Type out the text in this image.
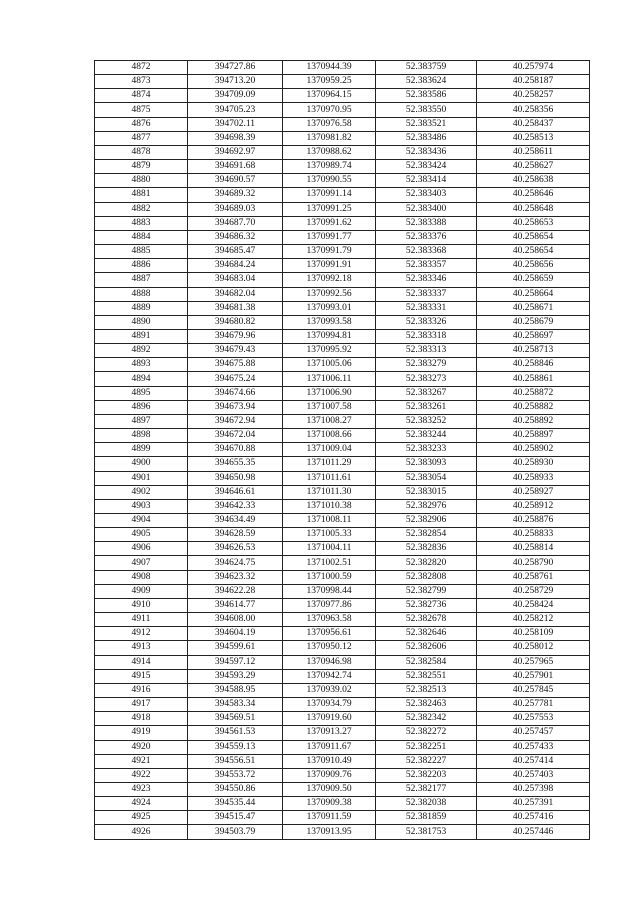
4872	394727.86	1370944.39	52.383759	40.257974
4873	394713.20	1370959.25	52.383624	40.258187
4874	394709.09	1370964.15	52.383586	40.258257
4875	394705.23	1370970.95	52.383550	40.258356
4876	394702.11	1370976.58	52.383521	40.258437
4877	394698.39	1370981.82	52.383486	40.258513
4878	394692.97	1370988.62	52.383436	40.258611
4879	394691.68	1370989.74	52.383424	40.258627
4880	394690.57	1370990.55	52.383414	40.258638
4881	394689.32	1370991.14	52.383403	40.258646
4882	394689.03	1370991.25	52.383400	40.258648
4883	394687.70	1370991.62	52.383388	40.258653
4884	394686.32	1370991.77	52.383376	40.258654
4885	394685.47	1370991.79	52.383368	40.258654
4886	394684.24	1370991.91	52.383357	40.258656
4887	394683.04	1370992.18	52.383346	40.258659
4888	394682.04	1370992.56	52.383337	40.258664
4889	394681.38	1370993.01	52.383331	40.258671
4890	394680.82	1370993.58	52.383326	40.258679
4891	394679.96	1370994.81	52.383318	40.258697
4892	394679.43	1370995.92	52.383313	40.258713
4893	394675.88	1371005.06	52.383279	40.258846
4894	394675.24	1371006.11	52.383273	40.258861
4895	394674.66	1371006.90	52.383267	40.258872
4896	394673.94	1371007.58	52.383261	40.258882
4897	394672.94	1371008.27	52.383252	40.258892
4898	394672.04	1371008.66	52.383244	40.258897
4899	394670.88	1371009.04	52.383233	40.258902
4900	394655.35	1371011.29	52.383093	40.258930
4901	394650.98	1371011.61	52.383054	40.258933
4902	394646.61	1371011.30	52.383015	40.258927
4903	394642.33	1371010.38	52.382976	40.258912
4904	394634.49	1371008.11	52.382906	40.258876
4905	394628.59	1371005.33	52.382854	40.258833
4906	394626.53	1371004.11	52.382836	40.258814
4907	394624.75	1371002.51	52.382820	40.258790
4908	394623.32	1371000.59	52.382808	40.258761
4909	394622.28	1370998.44	52.382799	40.258729
4910	394614.77	1370977.86	52.382736	40.258424
4911	394608.00	1370963.58	52.382678	40.258212
4912	394604.19	1370956.61	52.382646	40.258109
4913	394599.61	1370950.12	52.382606	40.258012
4914	394597.12	1370946.98	52.382584	40.257965
4915	394593.29	1370942.74	52.382551	40.257901
4916	394588.95	1370939.02	52.382513	40.257845
4917	394583.34	1370934.79	52.382463	40.257781
4918	394569.51	1370919.60	52.382342	40.257553
4919	394561.53	1370913.27	52.382272	40.257457
4920	394559.13	1370911.67	52.382251	40.257433
4921	394556.51	1370910.49	52.382227	40.257414
4922	394553.72	1370909.76	52.382203	40.257403
4923	394550.86	1370909.50	52.382177	40.257398
4924	394535.44	1370909.38	52.382038	40.257391
4925	394515.47	1370911.59	52.381859	40.257416
4926	394503.79	1370913.95	52.381753	40.257446
